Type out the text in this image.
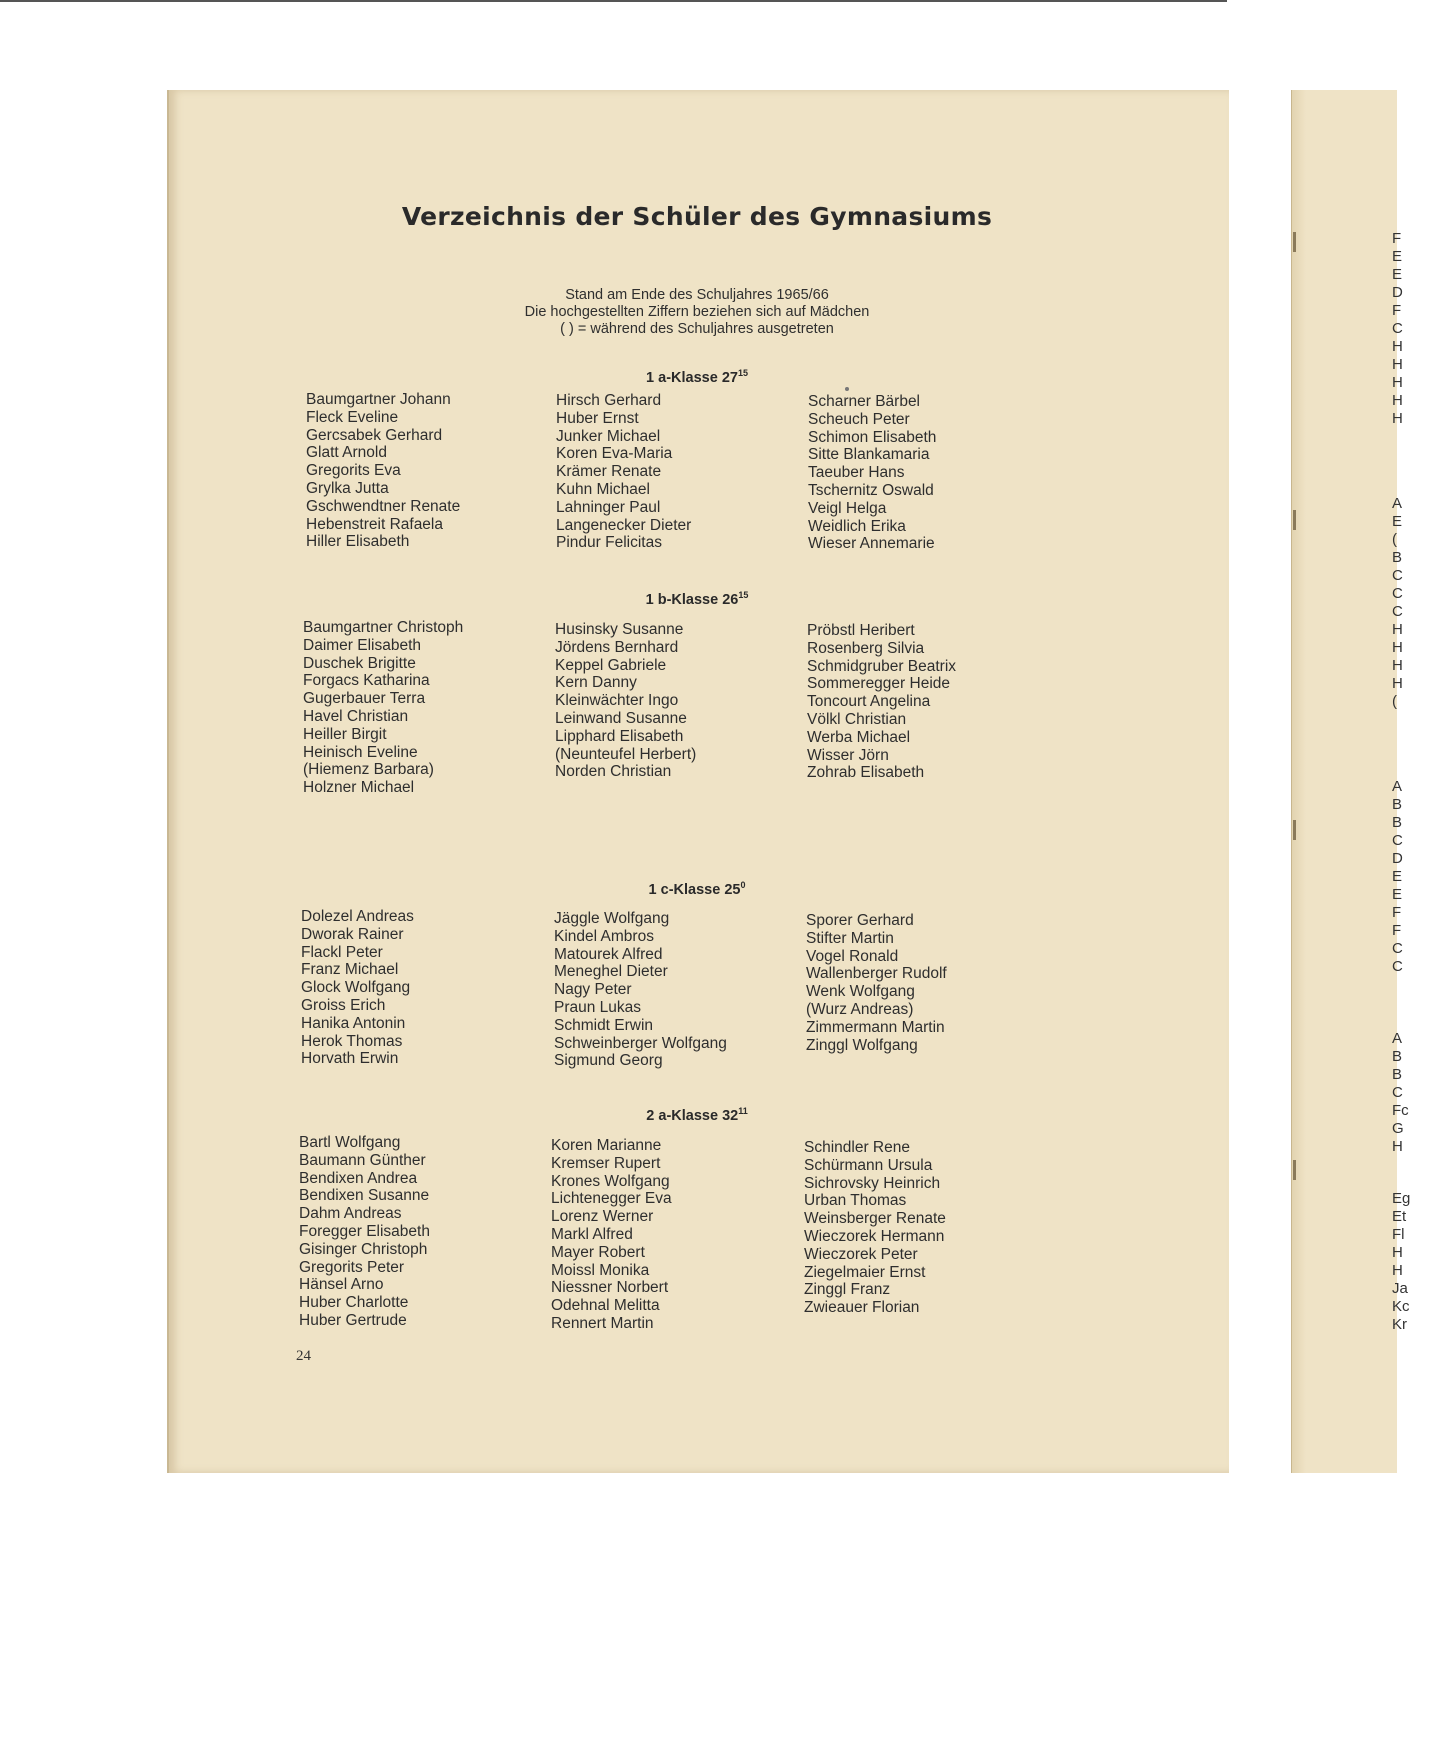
Verzeichnis der Schüler des Gymnasiums
Stand am Ende des Schuljahres 1965/66
Die hochgestellten Ziffern beziehen sich auf Mädchen
( ) = während des Schuljahres ausgetreten
1 a-Klasse $27^{15}$
Baumgartner Johann
Fleck Eveline
Gercsabek Gerhard
Glatt Arnold
Gregorits Eva
Grylka Jutta
Gschwendtner Renate
Hebenstreit Rafaela
Hiller Elisabeth
Hirsch Gerhard
Huber Ernst
Junker Michael
Koren Eva-Maria
Krämer Renate
Kuhn Michael
Lahninger Paul
Langenecker Dieter
Pindur Felicitas
Scharner Bärbel
Scheuch Peter
Schimon Elisabeth
Sitte Blankamaria
Taeuber Hans
Tschernitz Oswald
Veigl Helga
Weidlich Erika
Wieser Annemarie
1 b-Klasse $26^{15}$
Baumgartner Christoph
Daimer Elisabeth
Duschek Brigitte
Forgacs Katharina
Gugerbauer Terra
Havel Christian
Heiller Birgit
Heinisch Eveline
(Hiemenz Barbara)
Holzner Michael
Husinsky Susanne
Jördens Bernhard
Keppel Gabriele
Kern Danny
Kleinwächter Ingo
Leinwand Susanne
Lipphard Elisabeth
(Neunteufel Herbert)
Norden Christian
Pröbstl Heribert
Rosenberg Silvia
Schmidgruber Beatrix
Sommeregger Heide
Toncourt Angelina
Völkl Christian
Werba Michael
Wisser Jörn
Zohrab Elisabeth
1 c-Klasse $25^0$
Dolezel Andreas
Dworak Rainer
Flackl Peter
Franz Michael
Glock Wolfgang
Groiss Erich
Hanika Antonin
Herok Thomas
Horvath Erwin
Jäggle Wolfgang
Kindel Ambros
Matourek Alfred
Meneghel Dieter
Nagy Peter
Praun Lukas
Schmidt Erwin
Schweinberger Wolfgang
Sigmund Georg
Sporer Gerhard
Stifter Martin
Vogel Ronald
Wallenberger Rudolf
Wenk Wolfgang
(Wurz Andreas)
Zimmermann Martin
Zinggl Wolfgang
2 a-Klasse $32^{11}$
Bartl Wolfgang
Baumann Günther
Bendixen Andrea
Bendixen Susanne
Dahm Andreas
Foregger Elisabeth
Gisinger Christoph
Gregorits Peter
Hänsel Arno
Huber Charlotte
Huber Gertrude
Koren Marianne
Kremser Rupert
Krones Wolfgang
Lichtenegger Eva
Lorenz Werner
Markl Alfred
Mayer Robert
Moissl Monika
Niessner Norbert
Odehnal Melitta
Rennert Martin
Schindler Rene
Schürmann Ursula
Sichrovsky Heinrich
Urban Thomas
Weinsberger Renate
Wieczorek Hermann
Wieczorek Peter
Ziegelmaier Ernst
Zinggl Franz
Zwieauer Florian
24
F
E
E
D
F
C
H
H
H
H
H
A
E
(
B
C
C
C
H
H
H
H
(
A
B
B
C
D
E
E
F
F
C
C
A
B
B
C
Fc
G
H
Eg
Et
Fl
H
H
Ja
Kc
Kr
